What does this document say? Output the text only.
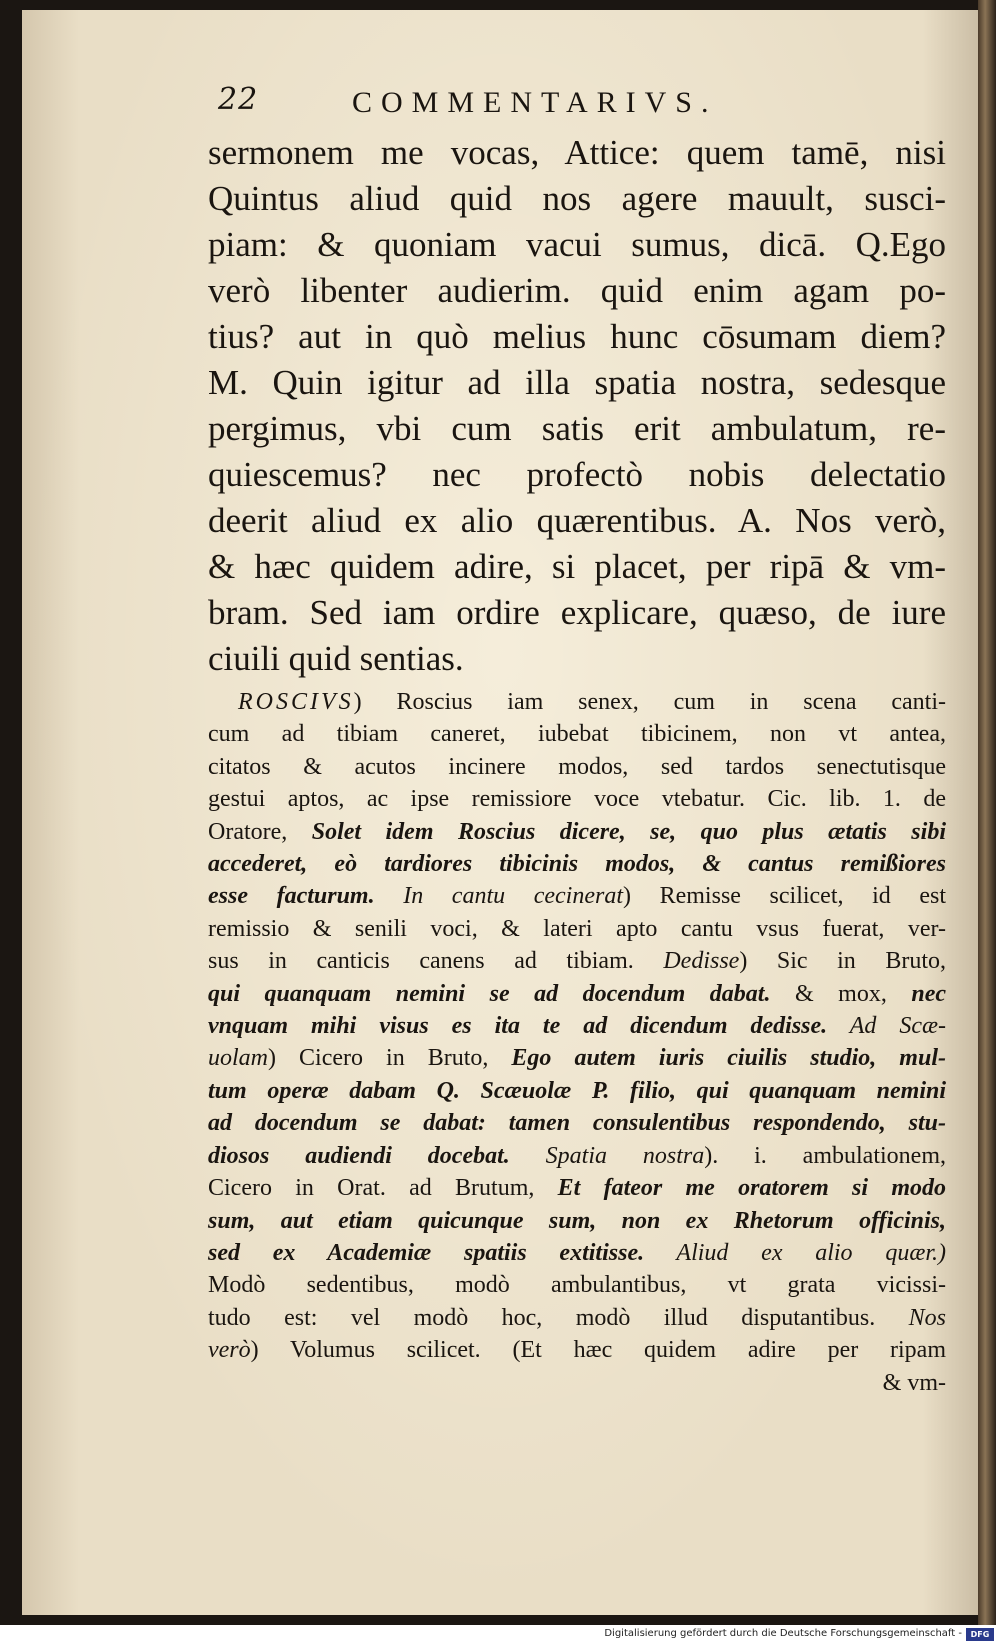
22	COMMENTARIVS.
sermonem me vocas, Attice: quem tamē, nisi
Quintus aliud quid nos agere mauult, susci-
piam: & quoniam vacui sumus, dicā. Q.Ego
verò libenter audierim. quid enim agam po-
tius? aut in quò melius hunc cōsumam diem?
M. Quin igitur ad illa spatia nostra, sedesque
pergimus, vbi cum satis erit ambulatum, re-
quiescemus? nec profectò nobis delectatio
deerit aliud ex alio quærentibus. A. Nos verò,
& hæc quidem adire, si placet, per ripā & vm-
bram. Sed iam ordire explicare, quæso, de iure
ciuili quid sentias.
ROSCIVS) Roscius iam senex, cum in scena canti-
cum ad tibiam caneret, iubebat tibicinem, non vt antea,
citatos & acutos incinere modos, sed tardos senectutisque
gestui aptos, ac ipse remissiore voce vtebatur. Cic. lib. 1. de
Oratore, Solet idem Roscius dicere, se, quo plus ætatis sibi
accederet, eò tardiores tibicinis modos, & cantus remißiores
esse facturum. In cantu cecinerat) Remisse scilicet, id est
remissio & senili voci, & lateri apto cantu vsus fuerat, ver-
sus in canticis canens ad tibiam. Dedisse) Sic in Bruto,
qui quanquam nemini se ad docendum dabat. & mox, nec
vnquam mihi visus es ita te ad dicendum dedisse. Ad Scæ-
uolam) Cicero in Bruto, Ego autem iuris ciuilis studio, mul-
tum operæ dabam Q. Scæuolæ P. filio, qui quanquam nemini
ad docendum se dabat: tamen consulentibus respondendo, stu-
diosos audiendi docebat. Spatia nostra). i. ambulationem,
Cicero in Orat. ad Brutum, Et fateor me oratorem si modo
sum, aut etiam quicunque sum, non ex Rhetorum officinis,
sed ex Academiæ spatiis extitisse. Aliud ex alio quær.)
Modò sedentibus, modò ambulantibus, vt grata vicissi-
tudo est: vel modò hoc, modò illud disputantibus. Nos
verò) Volumus scilicet. (Et hæc quidem adire per ripam
& vm-
Digitalisierung gefördert durch die Deutsche Forschungsgemeinschaft -	DFG
